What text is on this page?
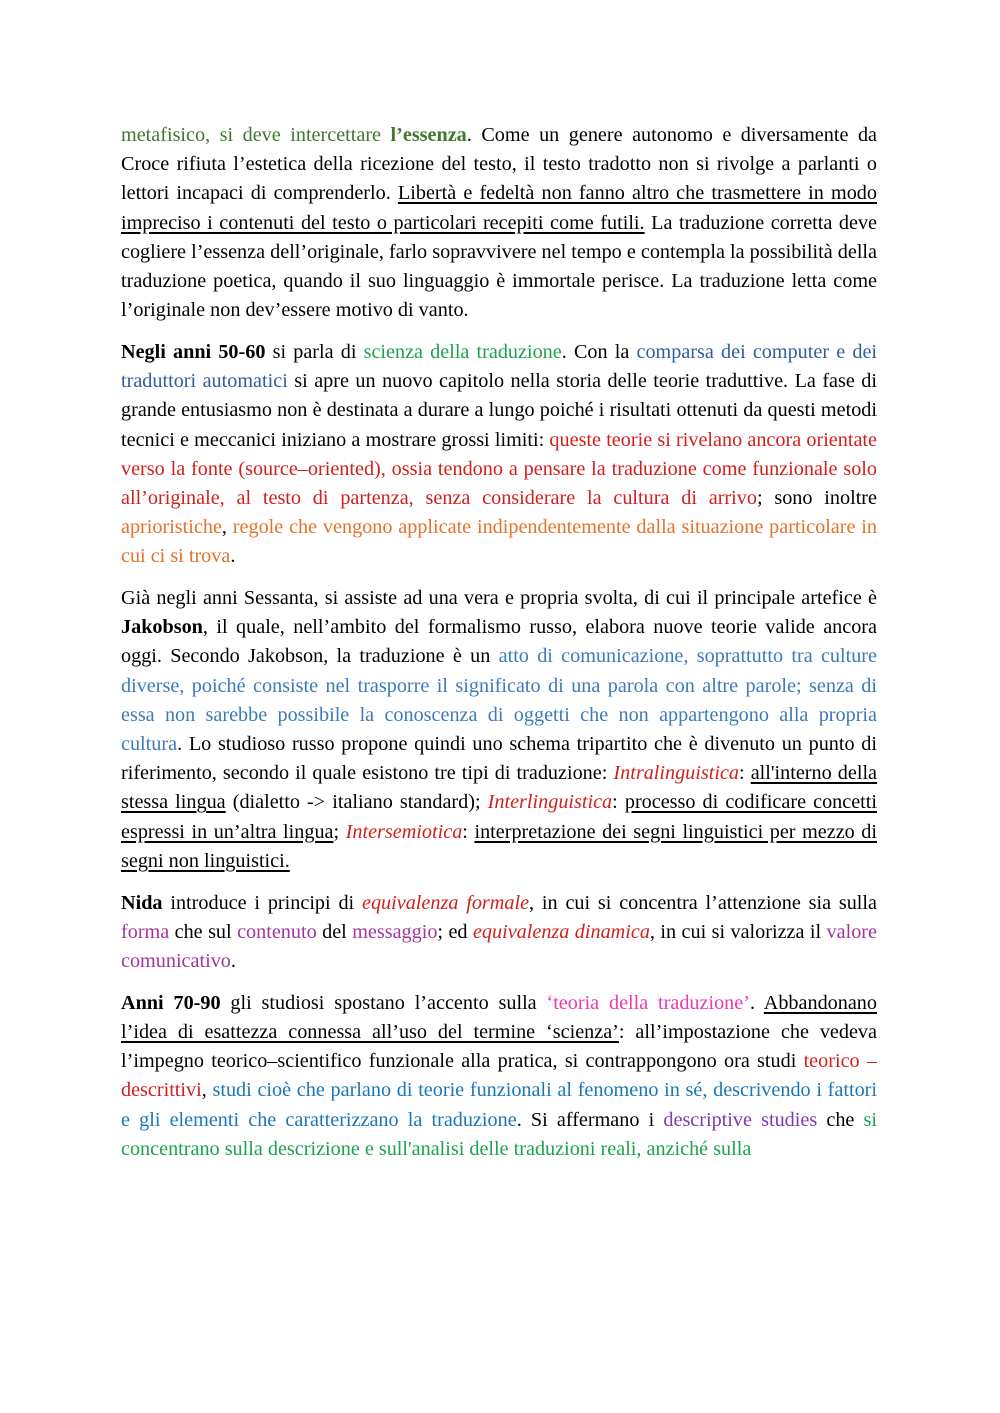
metafisico, si deve intercettare l’essenza. Come un genere autonomo e diversamente da Croce rifiuta l’estetica della ricezione del testo, il testo tradotto non si rivolge a parlanti o lettori incapaci di comprenderlo. Libertà e fedeltà non fanno altro che trasmettere in modo impreciso i contenuti del testo o particolari recepiti come futili. La traduzione corretta deve cogliere l’essenza dell’originale, farlo sopravvivere nel tempo e contempla la possibilità della traduzione poetica, quando il suo linguaggio è immortale perisce. La traduzione letta come l’originale non dev’essere motivo di vanto.

Negli anni 50-60 si parla di scienza della traduzione. Con la comparsa dei computer e dei traduttori automatici si apre un nuovo capitolo nella storia delle teorie traduttive. La fase di grande entusiasmo non è destinata a durare a lungo poiché i risultati ottenuti da questi metodi tecnici e meccanici iniziano a mostrare grossi limiti: queste teorie si rivelano ancora orientate verso la fonte (source–oriented), ossia tendono a pensare la traduzione come funzionale solo all’originale, al testo di partenza, senza considerare la cultura di arrivo; sono inoltre aprioristiche, regole che vengono applicate indipendentemente dalla situazione particolare in cui ci si trova.

Già negli anni Sessanta, si assiste ad una vera e propria svolta, di cui il principale artefice è Jakobson, il quale, nell’ambito del formalismo russo, elabora nuove teorie valide ancora oggi. Secondo Jakobson, la traduzione è un atto di comunicazione, soprattutto tra culture diverse, poiché consiste nel trasporre il significato di una parola con altre parole; senza di essa non sarebbe possibile la conoscenza di oggetti che non appartengono alla propria cultura. Lo studioso russo propone quindi uno schema tripartito che è divenuto un punto di riferimento, secondo il quale esistono tre tipi di traduzione: Intralinguistica: all'interno della stessa lingua (dialetto -> italiano standard); Interlinguistica: processo di codificare concetti espressi in un’altra lingua; Intersemiotica: interpretazione dei segni linguistici per mezzo di segni non linguistici.

Nida introduce i principi di equivalenza formale, in cui si concentra l’attenzione sia sulla forma che sul contenuto del messaggio; ed equivalenza dinamica, in cui si valorizza il valore comunicativo.

Anni 70-90 gli studiosi spostano l’accento sulla ‘teoria della traduzione’. Abbandonano l’idea di esattezza connessa all’uso del termine ‘scienza’: all’impostazione che vedeva l’impegno teorico–scientifico funzionale alla pratica, si contrappongono ora studi teorico – descrittivi, studi cioè che parlano di teorie funzionali al fenomeno in sé, descrivendo i fattori e gli elementi che caratterizzano la traduzione. Si affermano i descriptive studies che si concentrano sulla descrizione e sull'analisi delle traduzioni reali, anziché sulla
